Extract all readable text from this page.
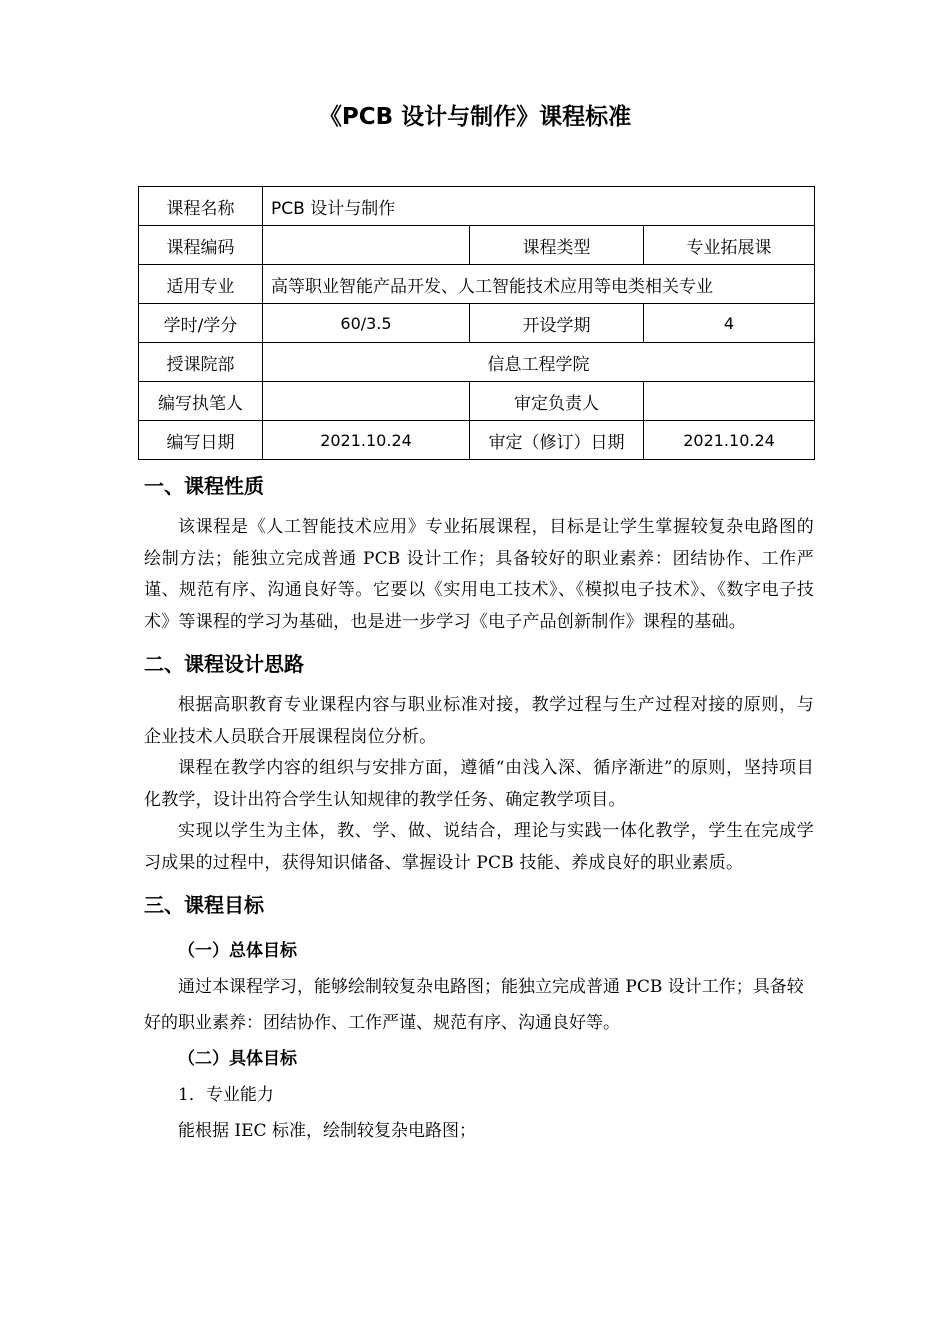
《PCB 设计与制作》课程标准
课程名称	PCB 设计与制作		
课程编码		课程类型	专业拓展课
适用专业	高等职业智能产品开发、人工智能技术应用等电类相关专业		
学时/学分	60/3.5	开设学期	4
授课院部	信息工程学院		
编写执笔人		审定负责人	
编写日期	2021.10.24	审定（修订）日期	2021.10.24
一、课程性质

该课程是《人工智能技术应用》专业拓展课程，目标是让学生掌握较复杂电路图的绘制方法；能独立完成普通 PCB 设计工作；具备较好的职业素养：团结协作、工作严谨、规范有序、沟通良好等。它要以《实用电工技术》、《模拟电子技术》、《数字电子技术》等课程的学习为基础，也是进一步学习《电子产品创新制作》课程的基础。

二、课程设计思路

根据高职教育专业课程内容与职业标准对接，教学过程与生产过程对接的原则，与企业技术人员联合开展课程岗位分析。

课程在教学内容的组织与安排方面，遵循“由浅入深、循序渐进”的原则，坚持项目化教学，设计出符合学生认知规律的教学任务、确定教学项目。

实现以学生为主体，教、学、做、说结合，理论与实践一体化教学，学生在完成学习成果的过程中，获得知识储备、掌握设计 PCB 技能、养成良好的职业素质。

三、课程目标
（一）总体目标

通过本课程学习，能够绘制较复杂电路图；能独立完成普通 PCB 设计工作；具备较好的职业素养：团结协作、工作严谨、规范有序、沟通良好等。

（二）具体目标

1．专业能力

能根据 IEC 标准，绘制较复杂电路图；
